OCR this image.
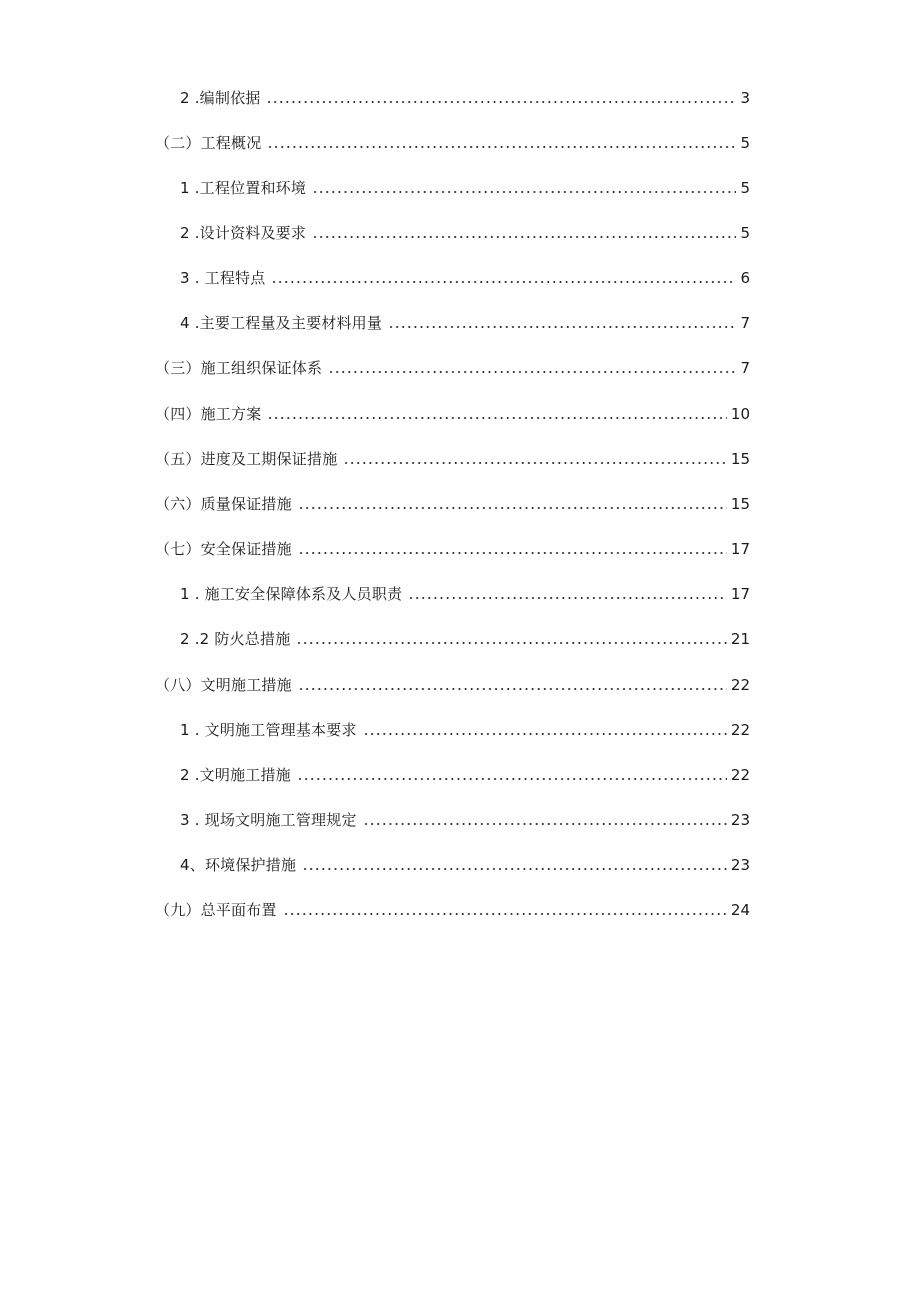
2 .编制依据	3
（二）工程概况	5
1 .工程位置和环境	5
2 .设计资料及要求	5
3 . 工程特点	6
4 .主要工程量及主要材料用量	7
（三）施工组织保证体系	7
（四）施工方案	10
（五）进度及工期保证措施	15
（六）质量保证措施	15
（七）安全保证措施	17
1 . 施工安全保障体系及人员职责	17
2 .2 防火总措施	21
（八）文明施工措施	22
1 . 文明施工管理基本要求	22
2 .文明施工措施	22
3 . 现场文明施工管理规定	23
4、环境保护措施	23
（九）总平面布置	24
